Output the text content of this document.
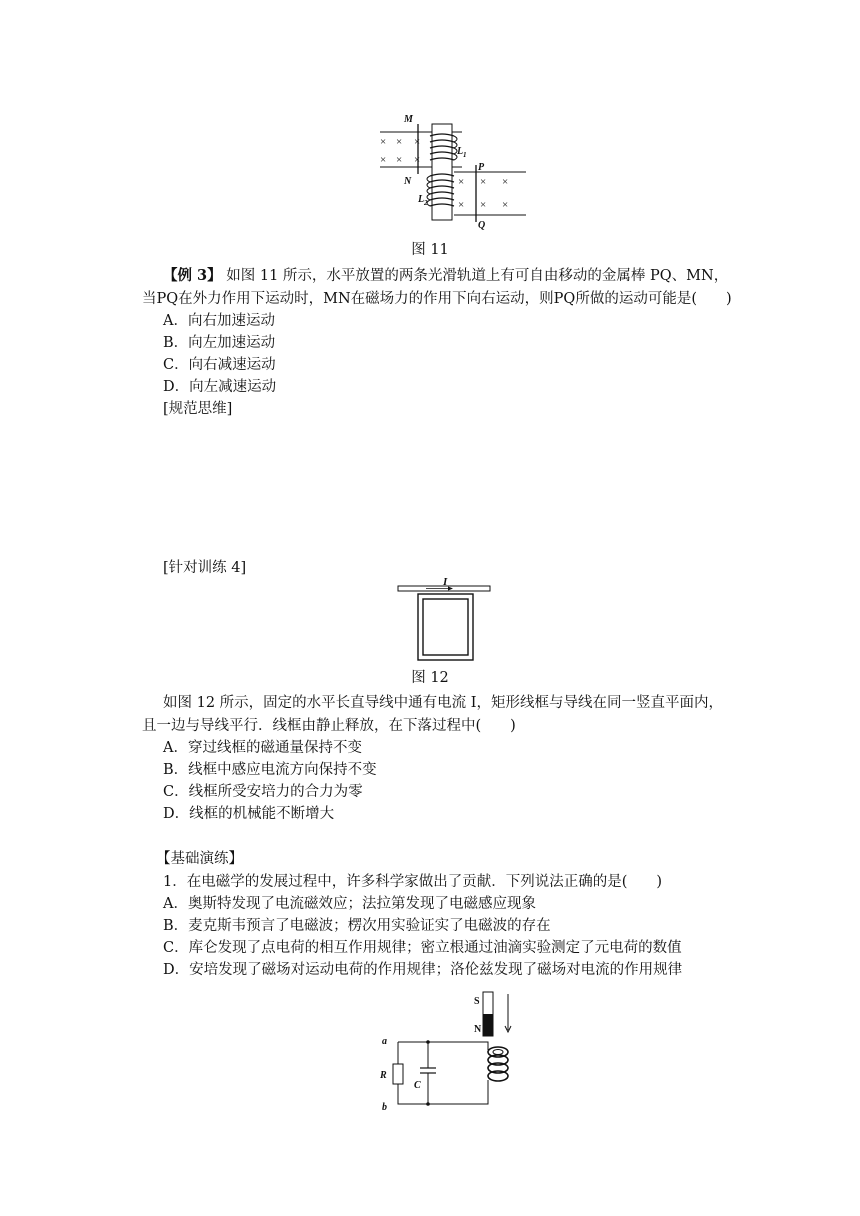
× × ×
× × ×
× × ×
× × ×
M
N
L 1
L 2
P
Q
图 11
【例 3】 如图 11 所示，水平放置的两条光滑轨道上有可自由移动的金属棒 PQ、MN，
当PQ在外力作用下运动时，MN在磁场力的作用下向右运动，则PQ所做的运动可能是(　　)
A．向右加速运动
B．向左加速运动
C．向右减速运动
D．向左减速运动
[规范思维]
[针对训练 4]
I
图 12
如图 12 所示，固定的水平长直导线中通有电流 I，矩形线框与导线在同一竖直平面内，
且一边与导线平行．线框由静止释放，在下落过程中(　　)
A．穿过线框的磁通量保持不变
B．线框中感应电流方向保持不变
C．线框所受安培力的合力为零
D．线框的机械能不断增大
【基础演练】
1．在电磁学的发展过程中，许多科学家做出了贡献．下列说法正确的是(　　)
A．奥斯特发现了电流磁效应；法拉第发现了电磁感应现象
B．麦克斯韦预言了电磁波；楞次用实验证实了电磁波的存在
C．库仑发现了点电荷的相互作用规律；密立根通过油滴实验测定了元电荷的数值
D．安培发现了磁场对运动电荷的作用规律；洛伦兹发现了磁场对电流的作用规律
S
N
a
b
R
C
